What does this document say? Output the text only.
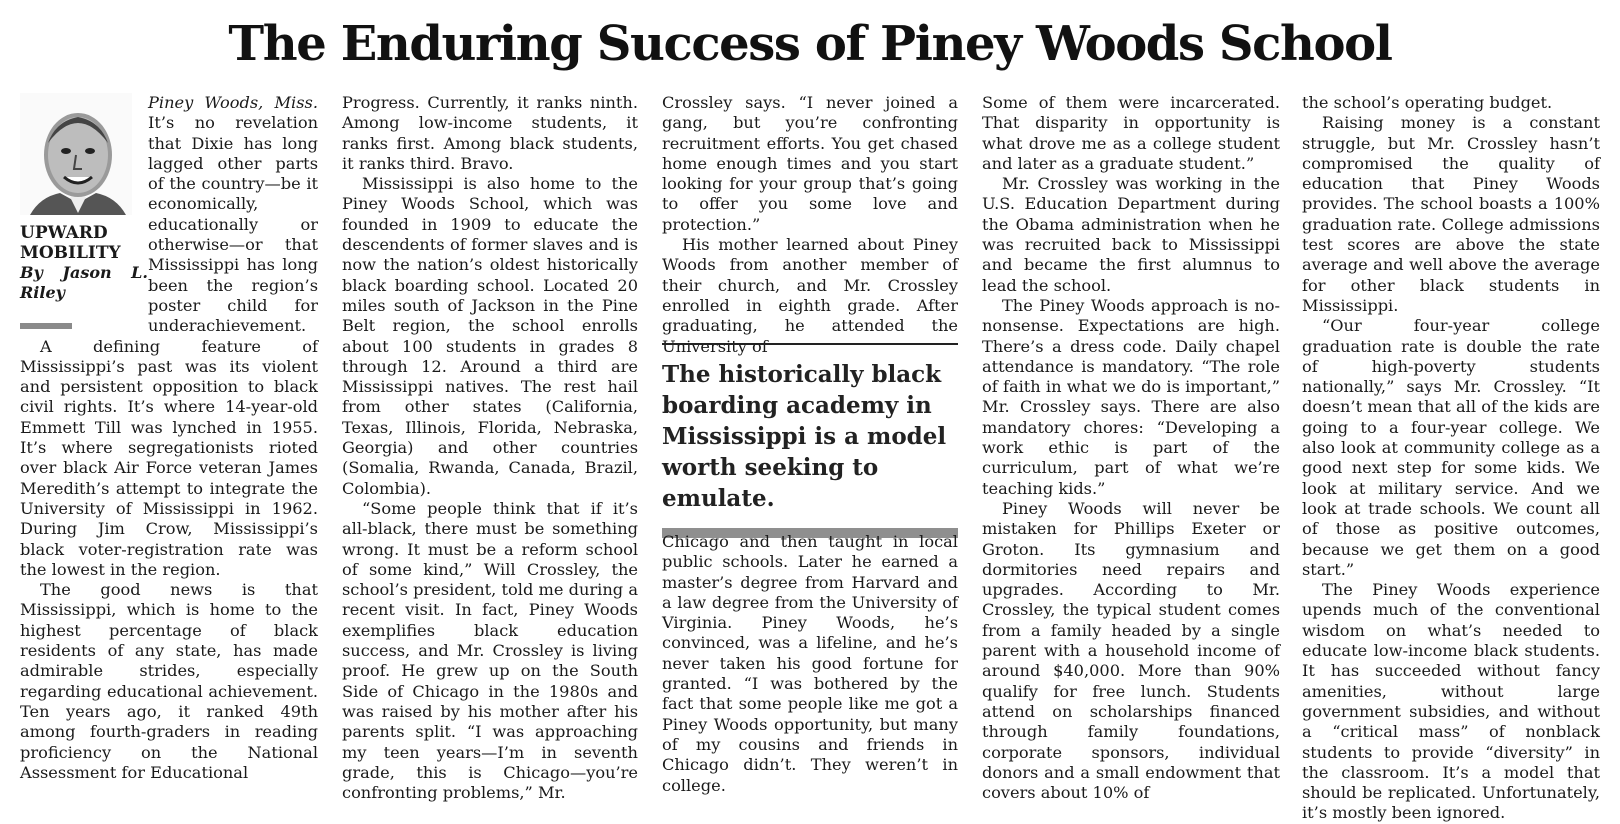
The Enduring Success of Piney Woods School
UPWARD MOBILITY
By Jason L. Riley

Piney Woods, Miss. It’s no revelation that Dixie has long lagged other parts of the country—be it economically, educationally or otherwise—or that Mississippi has long been the region’s poster child for underachievement.

A defining feature of Mississippi’s past was its violent and persistent opposition to black civil rights. It’s where 14-year-old Emmett Till was lynched in 1955. It’s where segregationists rioted over black Air Force veteran James Meredith’s attempt to integrate the University of Mississippi in 1962. During Jim Crow, Mississippi’s black voter-registration rate was the lowest in the region.

The good news is that Mississippi, which is home to the highest percentage of black residents of any state, has made admirable strides, especially regarding educational achievement. Ten years ago, it ranked 49th among fourth-graders in reading proficiency on the National Assessment for Educational

Progress. Currently, it ranks ninth. Among low-income students, it ranks first. Among black students, it ranks third. Bravo.

Mississippi is also home to the Piney Woods School, which was founded in 1909 to educate the descendents of former slaves and is now the nation’s oldest historically black boarding school. Located 20 miles south of Jackson in the Pine Belt region, the school enrolls about 100 students in grades 8 through 12. Around a third are Mississippi natives. The rest hail from other states (California, Texas, Illinois, Florida, Nebraska, Georgia) and other countries (Somalia, Rwanda, Canada, Brazil, Colombia).

“Some people think that if it’s all-black, there must be something wrong. It must be a reform school of some kind,” Will Crossley, the school’s president, told me during a recent visit. In fact, Piney Woods exemplifies black education success, and Mr. Crossley is living proof. He grew up on the South Side of Chicago in the 1980s and was raised by his mother after his parents split. “I was approaching my teen years—I’m in seventh grade, this is Chicago—you’re confronting problems,” Mr.

Crossley says. “I never joined a gang, but you’re confronting recruitment efforts. You get chased home enough times and you start looking for your group that’s going to offer you some love and protection.”

His mother learned about Piney Woods from another member of their church, and Mr. Crossley enrolled in eighth grade. After graduating, he attended the University of

The historically black boarding academy in Mississippi is a model worth seeking to emulate.

Chicago and then taught in local public schools. Later he earned a master’s degree from Harvard and a law degree from the University of Virginia. Piney Woods, he’s convinced, was a lifeline, and he’s never taken his good fortune for granted. “I was bothered by the fact that some people like me got a Piney Woods opportunity, but many of my cousins and friends in Chicago didn’t. They weren’t in college.

Some of them were incarcerated. That disparity in opportunity is what drove me as a college student and later as a graduate student.”

Mr. Crossley was working in the U.S. Education Department during the Obama administration when he was recruited back to Mississippi and became the first alumnus to lead the school.

The Piney Woods approach is no-nonsense. Expectations are high. There’s a dress code. Daily chapel attendance is mandatory. “The role of faith in what we do is important,” Mr. Crossley says. There are also mandatory chores: “Developing a work ethic is part of the curriculum, part of what we’re teaching kids.”

Piney Woods will never be mistaken for Phillips Exeter or Groton. Its gymnasium and dormitories need repairs and upgrades. According to Mr. Crossley, the typical student comes from a family headed by a single parent with a household income of around $40,000. More than 90% qualify for free lunch. Students attend on scholarships financed through family foundations, corporate sponsors, individual donors and a small endowment that covers about 10% of

the school’s operating budget.

Raising money is a constant struggle, but Mr. Crossley hasn’t compromised the quality of education that Piney Woods provides. The school boasts a 100% graduation rate. College admissions test scores are above the state average and well above the average for other black students in Mississippi.

“Our four-year college graduation rate is double the rate of high-poverty students nationally,” says Mr. Crossley. “It doesn’t mean that all of the kids are going to a four-year college. We also look at community college as a good next step for some kids. We look at military service. And we look at trade schools. We count all of those as positive outcomes, because we get them on a good start.”

The Piney Woods experience upends much of the conventional wisdom on what’s needed to educate low-income black students. It has succeeded without fancy amenities, without large government subsidies, and without a “critical mass” of nonblack students to provide “diversity” in the classroom. It’s a model that should be replicated. Unfortunately, it’s mostly been ignored.
